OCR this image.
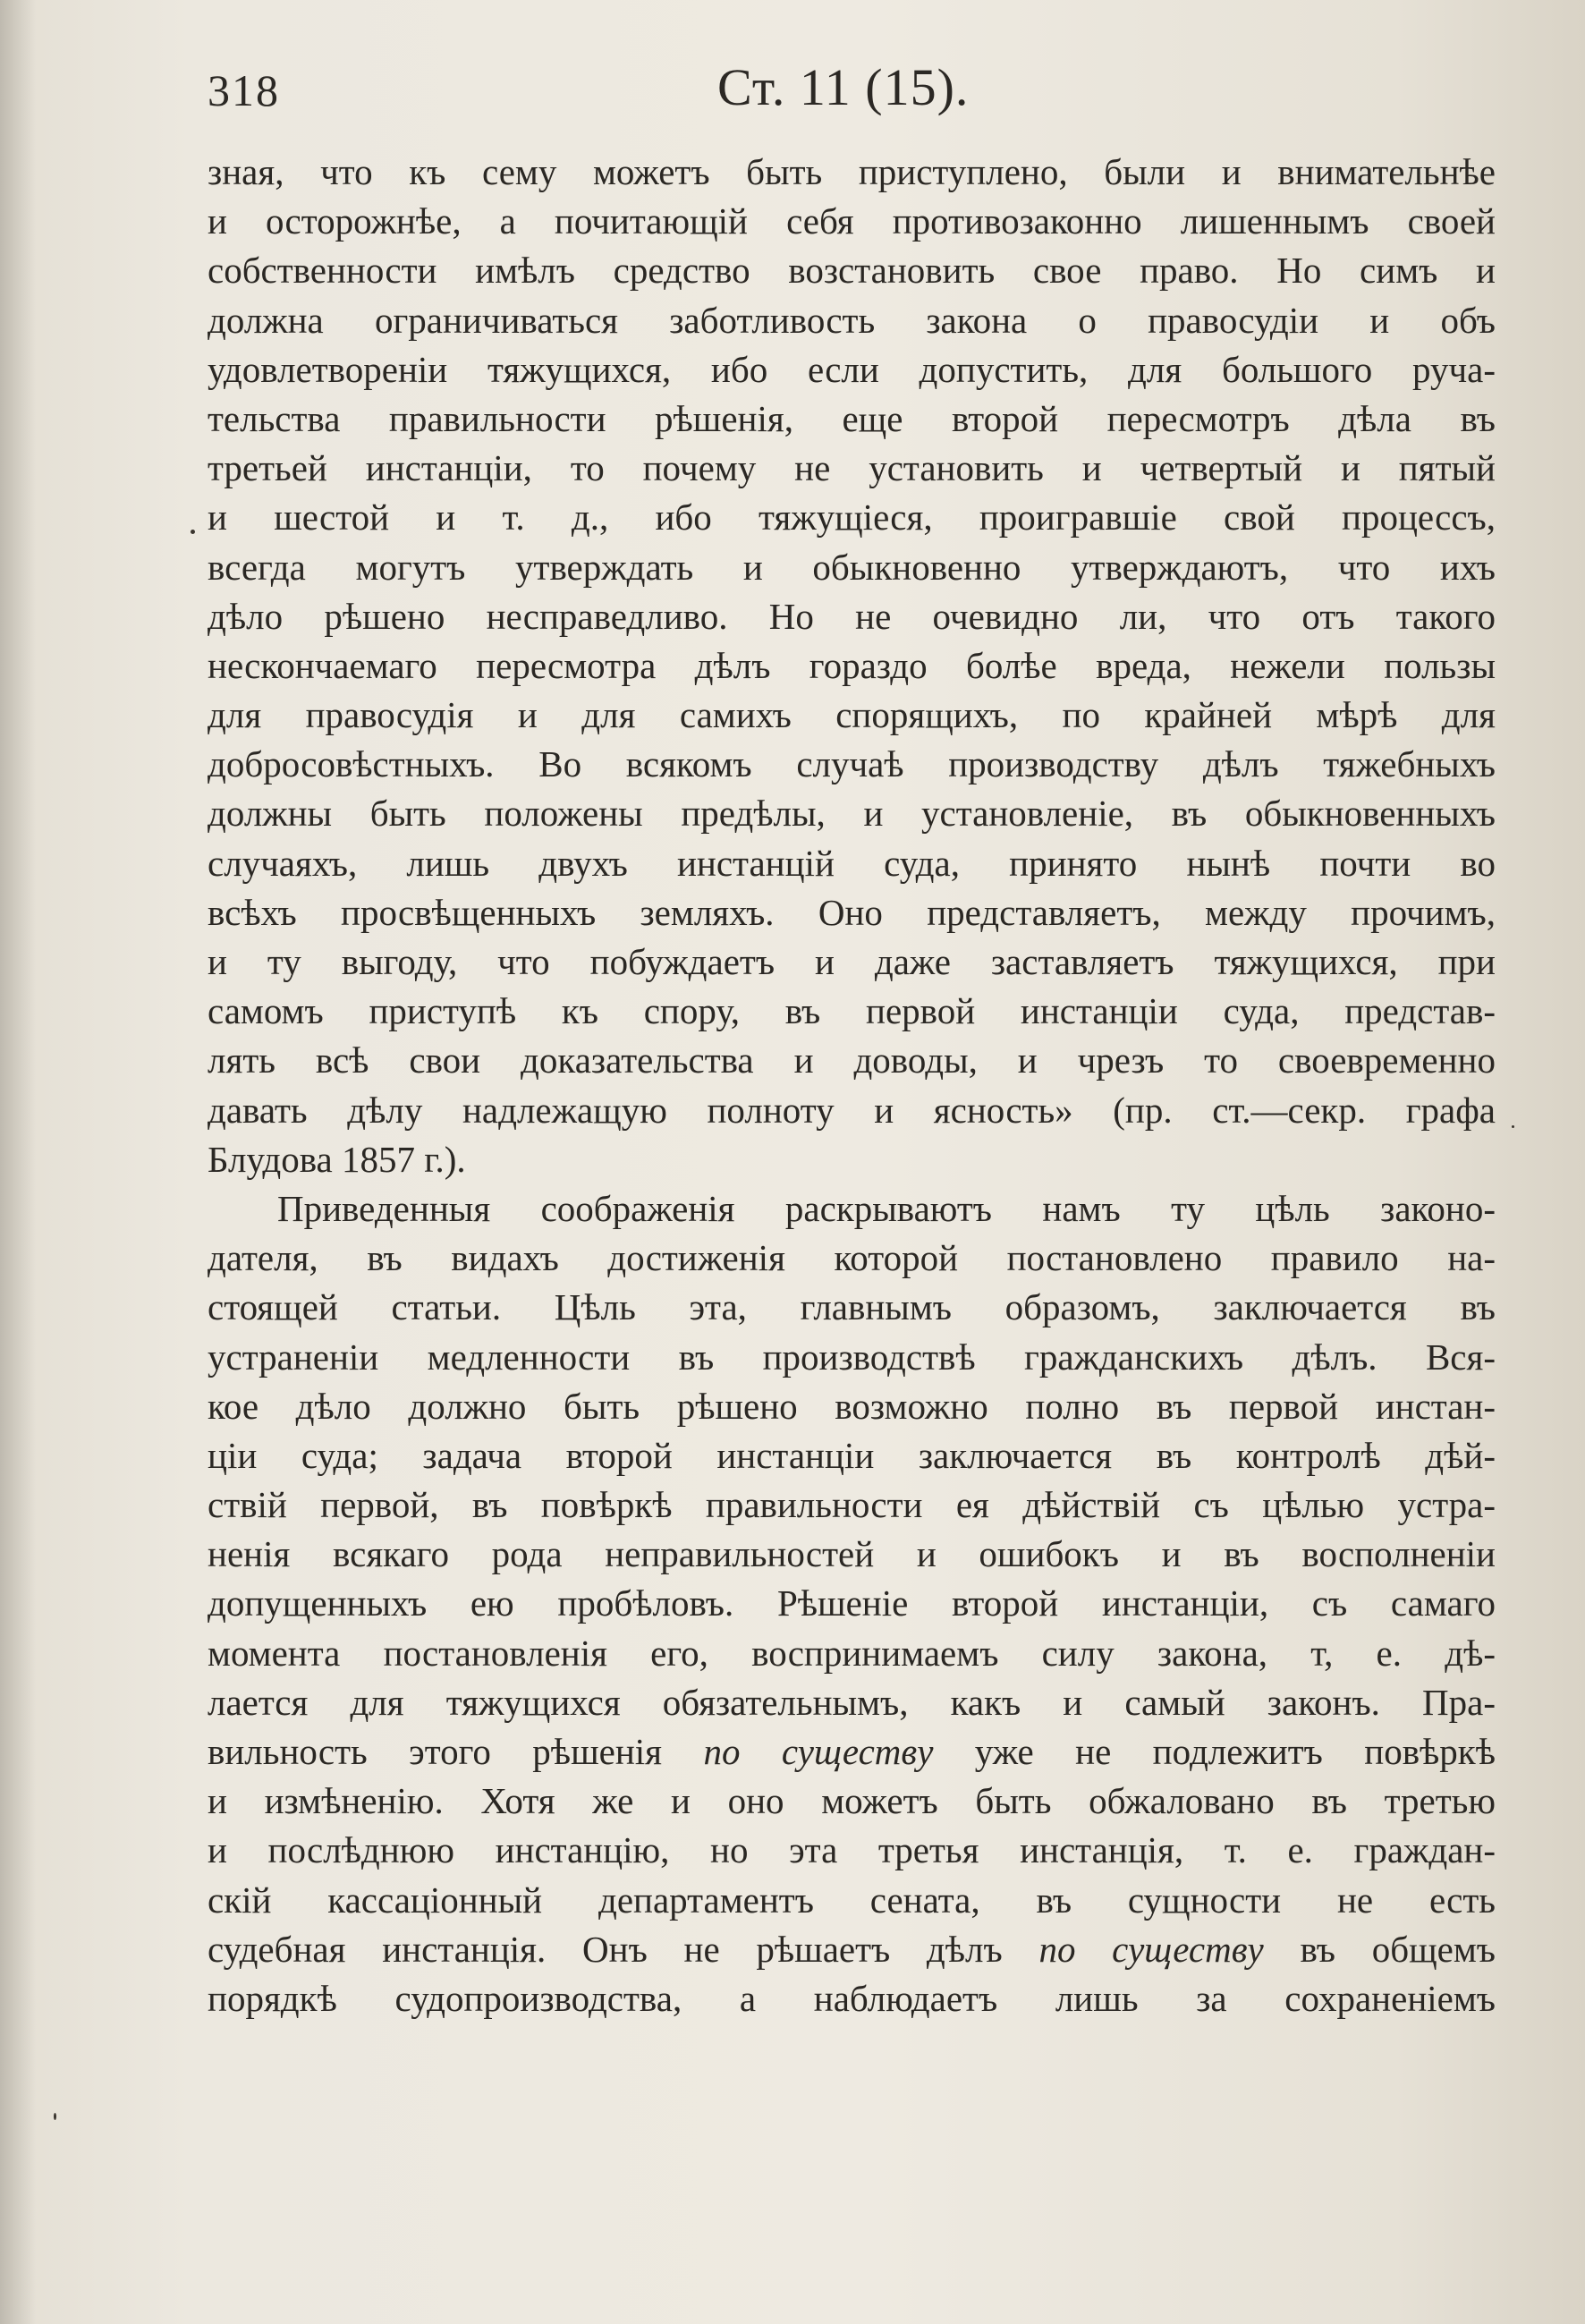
318	Ст. 11 (15).
зная, что къ сему можетъ быть приступлено, были и внимательнѣе
и осторожнѣе, а почитающій себя противозаконно лишеннымъ своей
собственности имѣлъ средство возстановить свое право. Но симъ и
должна ограничиваться заботливость закона о правосудіи и объ
удовлетвореніи тяжущихся, ибо если допустить, для большого руча-
тельства правильности рѣшенія, еще второй пересмотръ дѣла въ
третьей инстанціи, то почему не установить и четвертый и пятый
и шестой и т. д., ибо тяжущіеся, проигравшіе свой процессъ,
всегда могутъ утверждать и обыкновенно утверждаютъ, что ихъ
дѣло рѣшено несправедливо. Но не очевидно ли, что отъ такого
нескончаемаго пересмотра дѣлъ гораздо болѣе вреда, нежели пользы
для правосудія и для самихъ спорящихъ, по крайней мѣрѣ для
добросовѣстныхъ. Во всякомъ случаѣ производству дѣлъ тяжебныхъ
должны быть положены предѣлы, и установленіе, въ обыкновенныхъ
случаяхъ, лишь двухъ инстанцій суда, принято нынѣ почти во
всѣхъ просвѣщенныхъ земляхъ. Оно представляетъ, между прочимъ,
и ту выгоду, что побуждаетъ и даже заставляетъ тяжущихся, при
самомъ приступѣ къ спору, въ первой инстанціи суда, представ-
лять всѣ свои доказательства и доводы, и чрезъ то своевременно
давать дѣлу надлежащую полноту и ясность» (пр. ст.—секр. графа
Блудова 1857 г.).
Приведенныя соображенія раскрываютъ намъ ту цѣль законо-
дателя, въ видахъ достиженія которой постановлено правило на-
стоящей статьи. Цѣль эта, главнымъ образомъ, заключается въ
устраненіи медленности въ производствѣ гражданскихъ дѣлъ. Вся-
кое дѣло должно быть рѣшено возможно полно въ первой инстан-
ціи суда; задача второй инстанціи заключается въ контролѣ дѣй-
ствій первой, въ повѣркѣ правильности ея дѣйствій съ цѣлью устра-
ненія всякаго рода неправильностей и ошибокъ и въ восполненіи
допущенныхъ ею пробѣловъ. Рѣшеніе второй инстанціи, съ самаго
момента постановленія его, воспринимаемъ силу закона, т, е. дѣ-
лается для тяжущихся обязательнымъ, какъ и самый законъ. Пра-
вильность этого рѣшенія по существу уже не подлежитъ повѣркѣ
и измѣненію. Хотя же и оно можетъ быть обжаловано въ третью
и послѣднюю инстанцію, но эта третья инстанція, т. е. граждан-
скій кассаціонный департаментъ сената, въ сущности не есть
судебная инстанція. Онъ не рѣшаетъ дѣлъ по существу въ общемъ
порядкѣ судопроизводства, а наблюдаетъ лишь за сохраненіемъ
